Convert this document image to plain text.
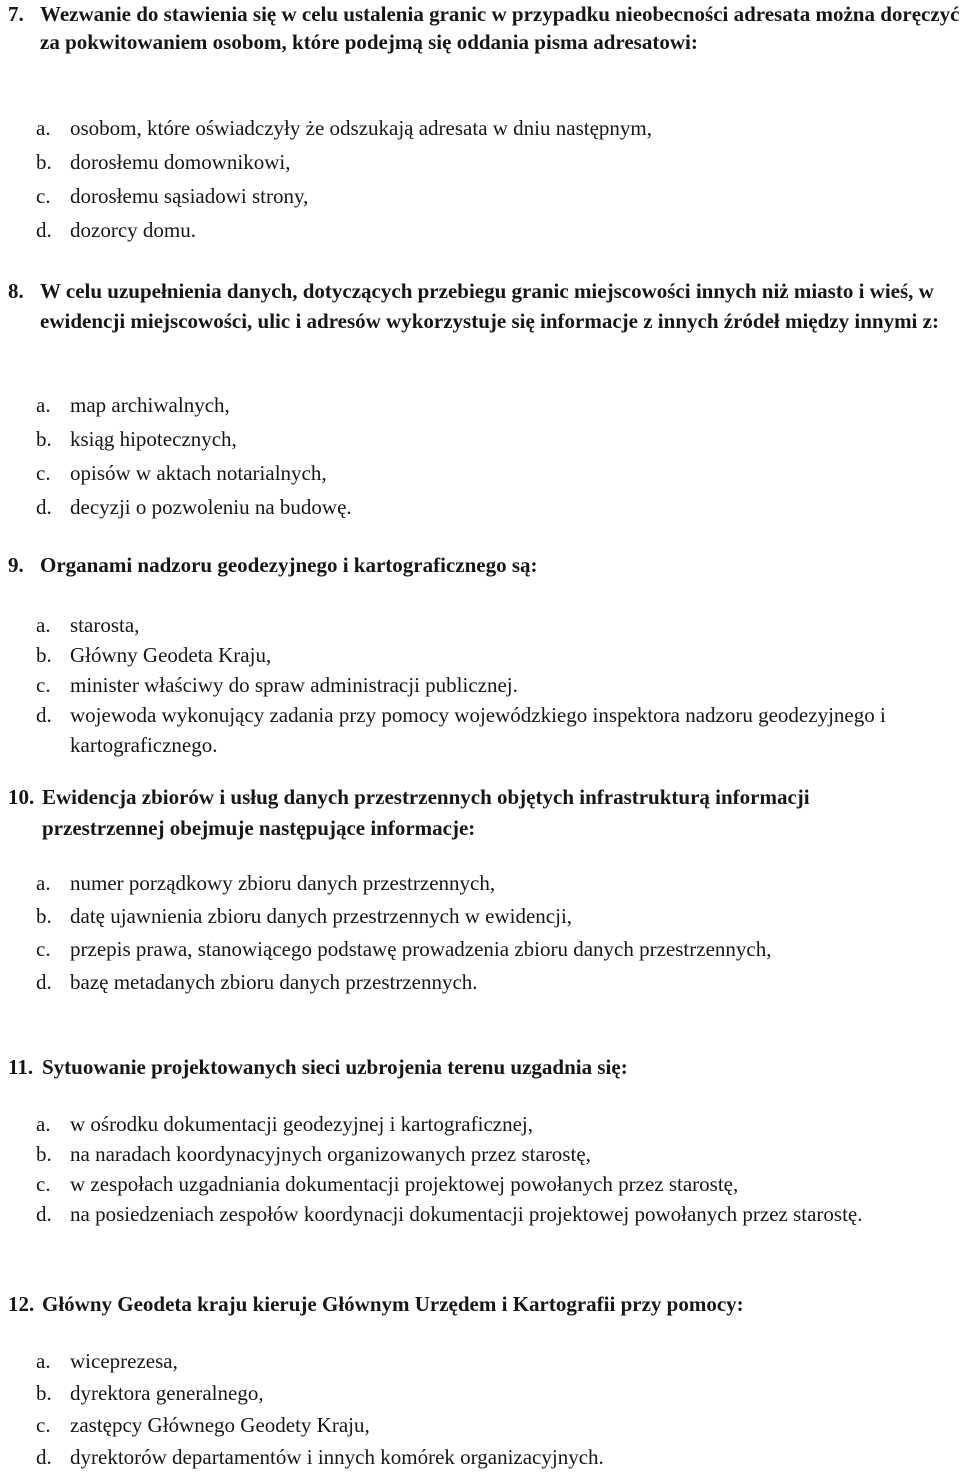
7. Wezwanie do stawienia się w celu ustalenia granic w przypadku nieobecności adresata można doręczyć za pokwitowaniem osobom, które podejmą się oddania pisma adresatowi:
a. osobom, które oświadczyły że odszukają adresata w dniu następnym,
b. dorosłemu domownikowi,
c. dorosłemu sąsiadowi strony,
d. dozorcy domu.
8. W celu uzupełnienia danych, dotyczących przebiegu granic miejscowości innych niż miasto i wieś, w ewidencji miejscowości, ulic i adresów wykorzystuje się informacje z innych źródeł między innymi z:
a. map archiwalnych,
b. ksiąg hipotecznych,
c. opisów w aktach notarialnych,
d. decyzji o pozwoleniu na budowę.
9. Organami nadzoru geodezyjnego i kartograficznego są:
a. starosta,
b. Główny Geodeta Kraju,
c. minister właściwy do spraw administracji publicznej.
d. wojewoda wykonujący zadania przy pomocy wojewódzkiego inspektora nadzoru geodezyjnego i kartograficznego.
10. Ewidencja zbiorów i usług danych przestrzennych objętych infrastrukturą informacji przestrzennej obejmuje następujące informacje:
a. numer porządkowy zbioru danych przestrzennych,
b. datę ujawnienia zbioru danych przestrzennych w ewidencji,
c. przepis prawa, stanowiącego podstawę prowadzenia zbioru danych przestrzennych,
d. bazę metadanych zbioru danych przestrzennych.
11. Sytuowanie projektowanych sieci uzbrojenia terenu uzgadnia się:
a. w ośrodku dokumentacji geodezyjnej i kartograficznej,
b. na naradach koordynacyjnych organizowanych przez starostę,
c. w zespołach uzgadniania dokumentacji projektowej powołanych przez starostę,
d. na posiedzeniach zespołów koordynacji dokumentacji projektowej powołanych przez starostę.
12. Główny Geodeta kraju kieruje Głównym Urzędem i Kartografii przy pomocy:
a. wiceprezesa,
b. dyrektora generalnego,
c. zastępcy Głównego Geodety Kraju,
d. dyrektorów departamentów i innych komórek organizacyjnych.
